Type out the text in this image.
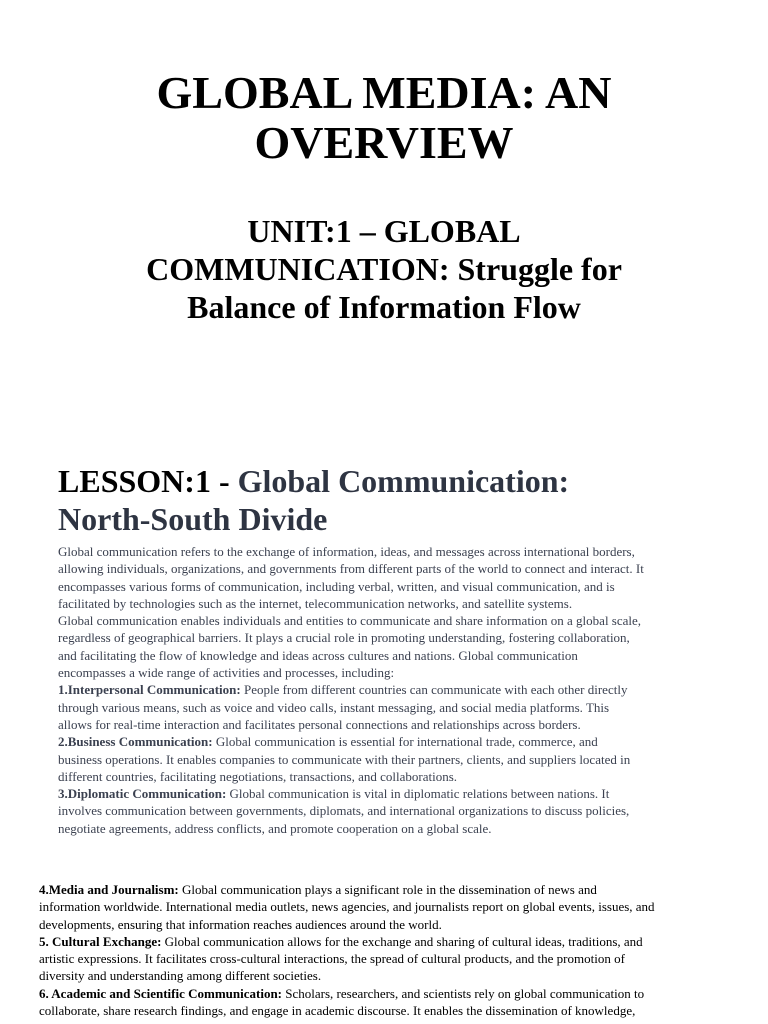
GLOBAL MEDIA: AN
OVERVIEW
UNIT:1 – GLOBAL
COMMUNICATION: Struggle for
Balance of Information Flow
LESSON:1 - Global Communication:
North-South Divide
Global communication refers to the exchange of information, ideas, and messages across international borders,
allowing individuals, organizations, and governments from different parts of the world to connect and interact. It
encompasses various forms of communication, including verbal, written, and visual communication, and is
facilitated by technologies such as the internet, telecommunication networks, and satellite systems.
Global communication enables individuals and entities to communicate and share information on a global scale,
regardless of geographical barriers. It plays a crucial role in promoting understanding, fostering collaboration,
and facilitating the flow of knowledge and ideas across cultures and nations. Global communication
encompasses a wide range of activities and processes, including:
1.Interpersonal Communication: People from different countries can communicate with each other directly
through various means, such as voice and video calls, instant messaging, and social media platforms. This
allows for real-time interaction and facilitates personal connections and relationships across borders.
2.Business Communication: Global communication is essential for international trade, commerce, and
business operations. It enables companies to communicate with their partners, clients, and suppliers located in
different countries, facilitating negotiations, transactions, and collaborations.
3.Diplomatic Communication: Global communication is vital in diplomatic relations between nations. It
involves communication between governments, diplomats, and international organizations to discuss policies,
negotiate agreements, address conflicts, and promote cooperation on a global scale.
4.Media and Journalism: Global communication plays a significant role in the dissemination of news and
information worldwide. International media outlets, news agencies, and journalists report on global events, issues, and
developments, ensuring that information reaches audiences around the world.
5. Cultural Exchange: Global communication allows for the exchange and sharing of cultural ideas, traditions, and
artistic expressions. It facilitates cross-cultural interactions, the spread of cultural products, and the promotion of
diversity and understanding among different societies.
6. Academic and Scientific Communication: Scholars, researchers, and scientists rely on global communication to
collaborate, share research findings, and engage in academic discourse. It enables the dissemination of knowledge,
